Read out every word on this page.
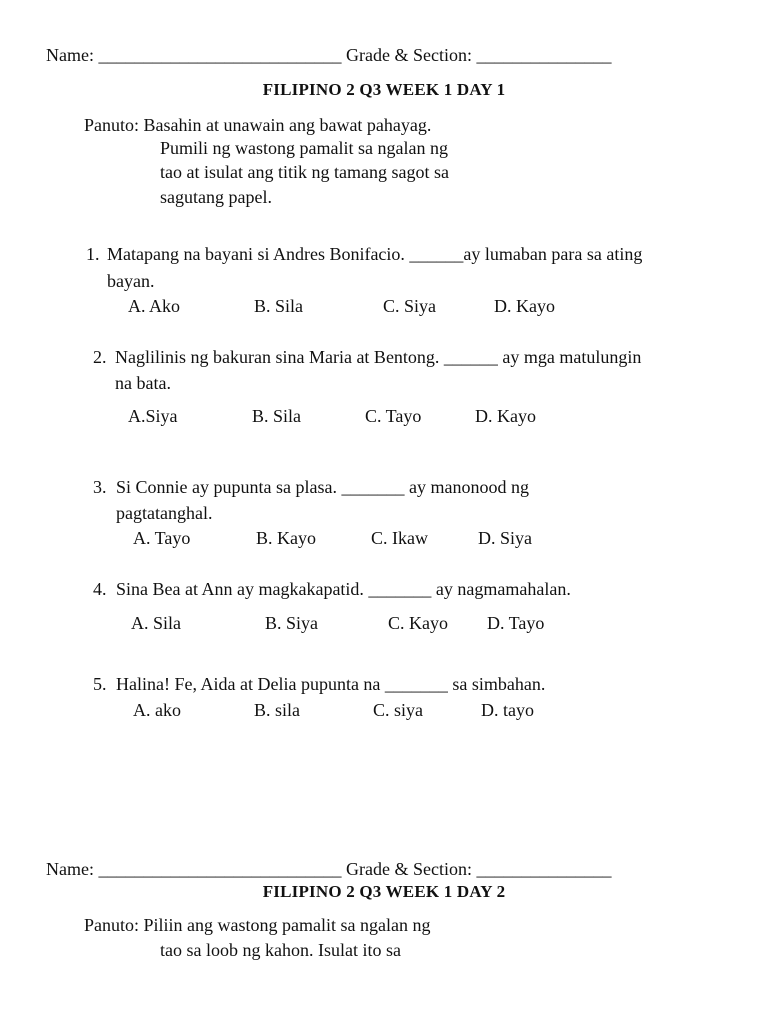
Name: ___________________________ Grade & Section: _______________
FILIPINO 2 Q3 WEEK 1 DAY 1
Panuto: Basahin at unawain ang bawat pahayag.
Pumili ng wastong pamalit sa ngalan ng
tao at isulat ang titik ng tamang sagot sa
sagutang papel.
1. Matapang na bayani si Andres Bonifacio. ______ay lumaban para sa ating
bayan.
A. Ako	B. Sila	C. Siya	D. Kayo
2. Naglilinis ng bakuran sina Maria at Bentong. ______ ay mga matulungin
na bata.
A.Siya	B. Sila	C. Tayo	D. Kayo
3. Si Connie ay pupunta sa plasa. _______ ay manonood ng
pagtatanghal.
A. Tayo	B. Kayo	C. Ikaw	D. Siya
4. Sina Bea at Ann ay magkakapatid. _______ ay nagmamahalan.
A. Sila	B. Siya	C. Kayo D. Tayo
5. Halina! Fe, Aida at Delia pupunta na _______ sa simbahan.
A. ako	B. sila	C. siya	D. tayo
Name: ___________________________ Grade & Section: _______________
FILIPINO 2 Q3 WEEK 1 DAY 2
Panuto: Piliin ang wastong pamalit sa ngalan ng
tao sa loob ng kahon. Isulat ito sa
